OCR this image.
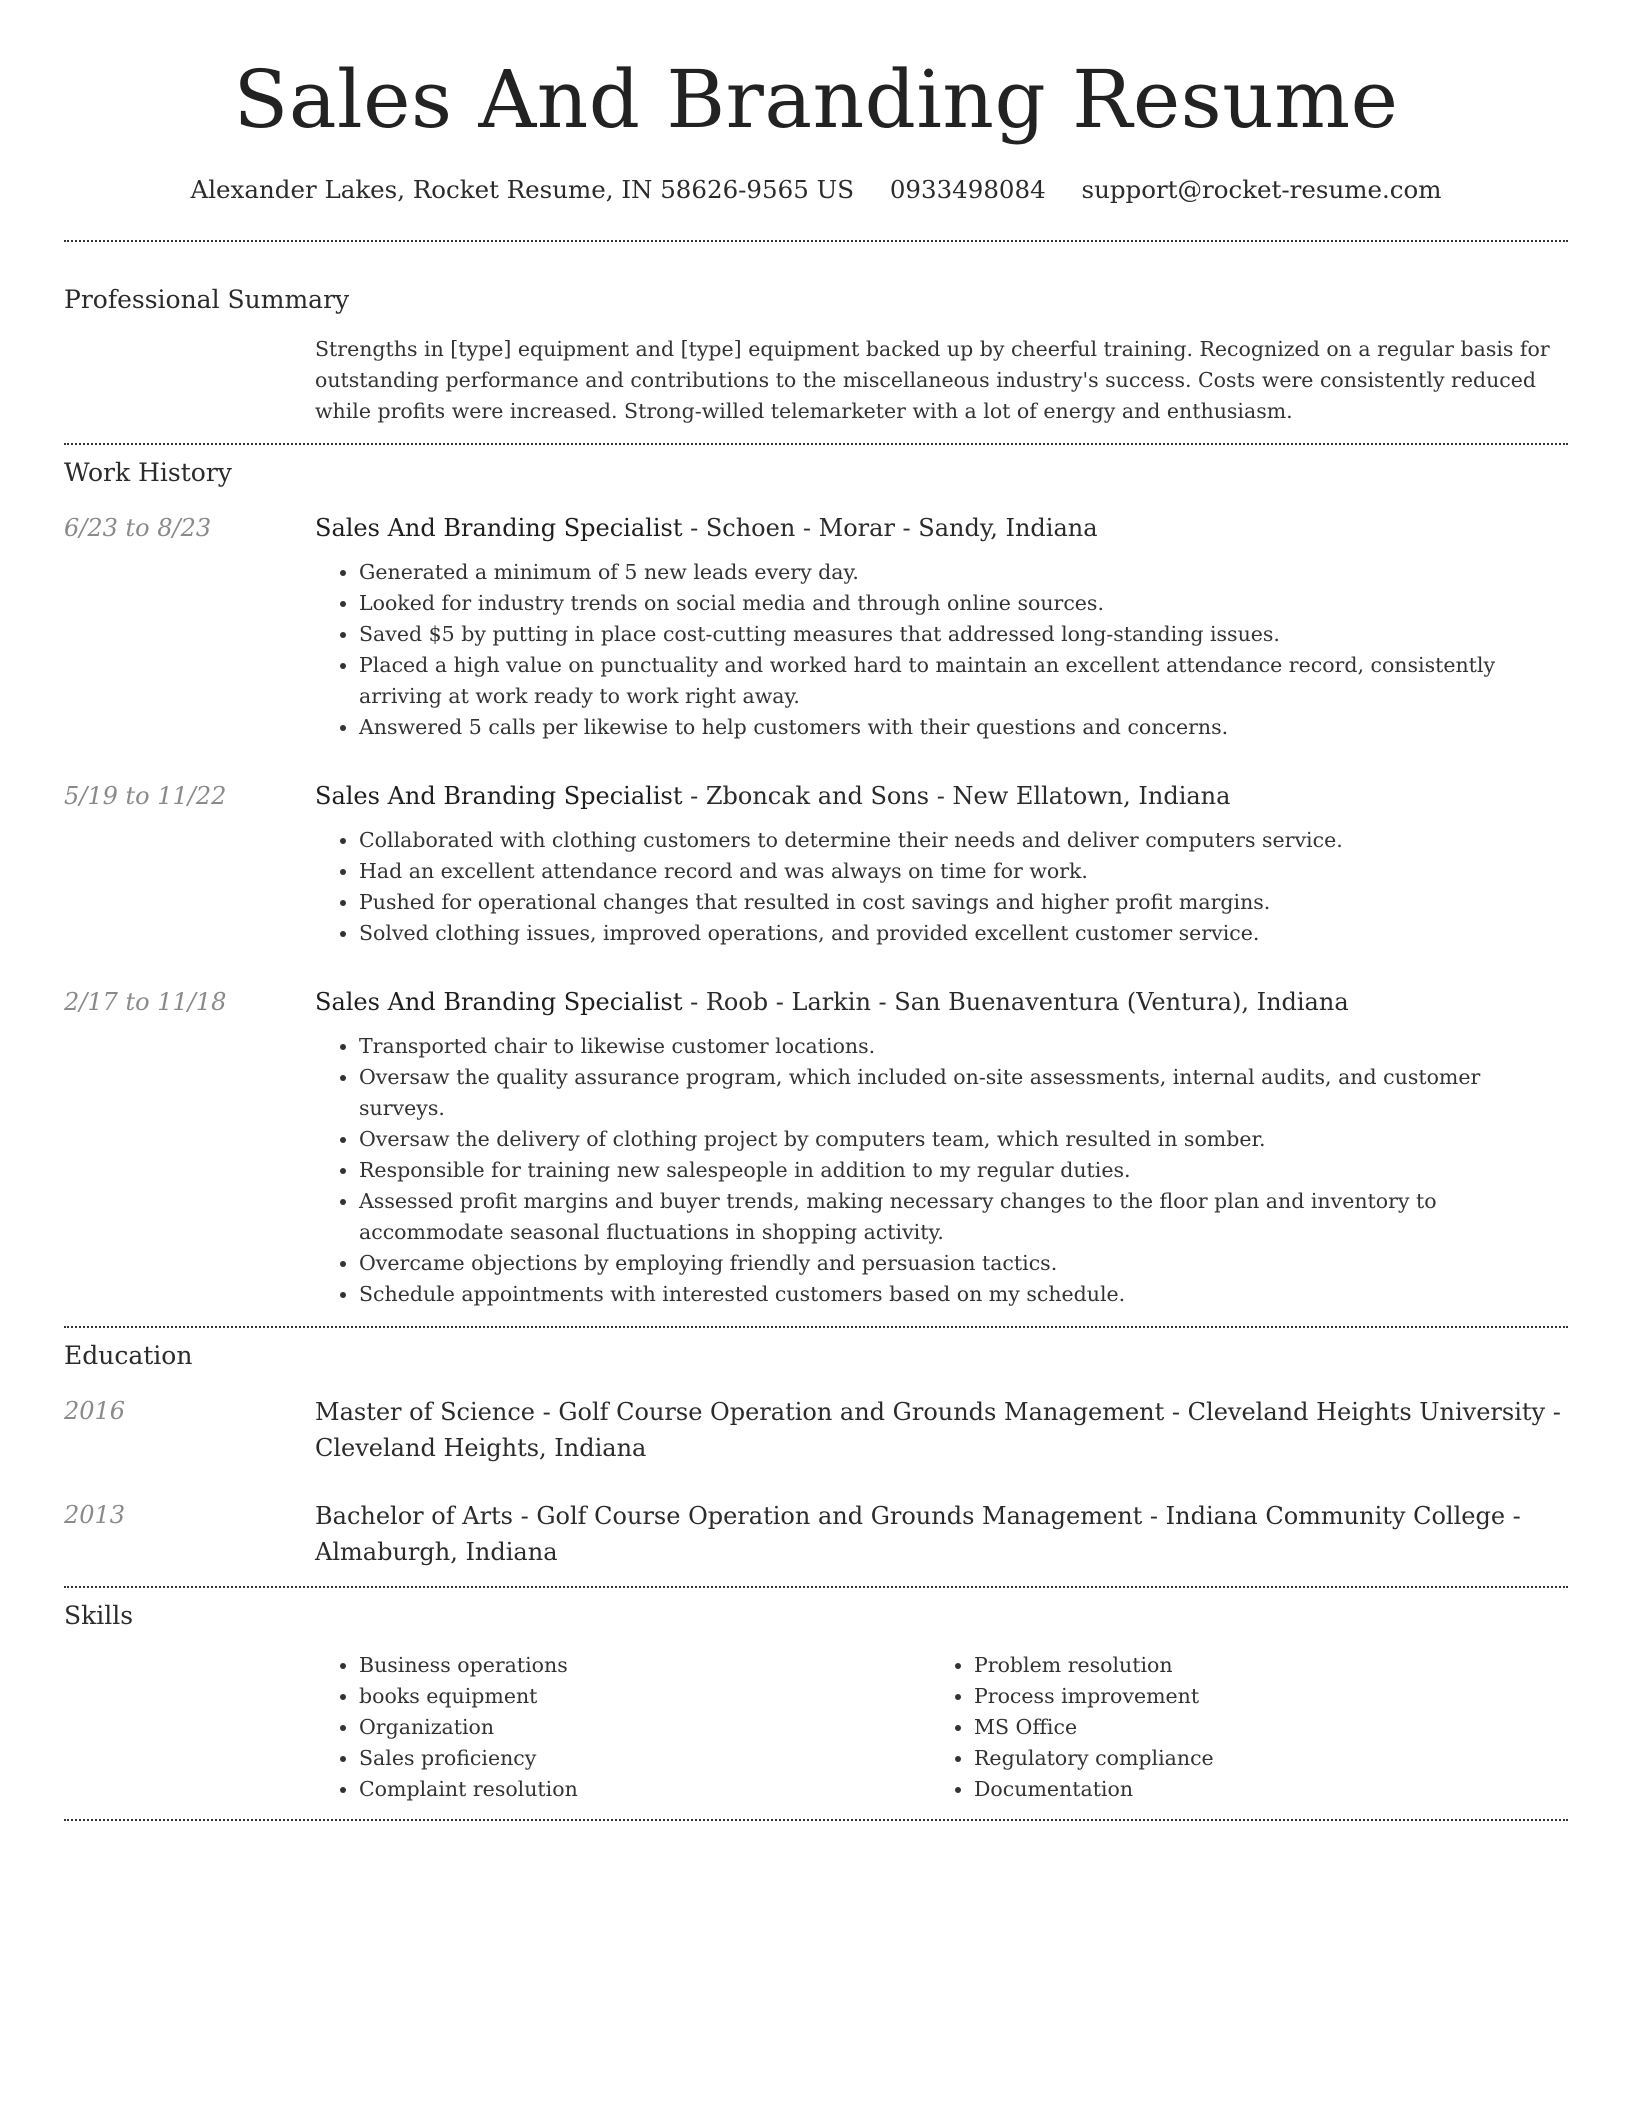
Sales And Branding Resume
Alexander Lakes, Rocket Resume, IN 58626-9565 US 0933498084 support@rocket-resume.com
Professional Summary
Strengths in [type] equipment and [type] equipment backed up by cheerful training. Recognized on a regular basis for outstanding performance and contributions to the miscellaneous industry's success. Costs were consistently reduced while profits were increased. Strong-willed telemarketer with a lot of energy and enthusiasm.
Work History
6/23 to 8/23	Sales And Branding Specialist - Schoen - Morar - Sandy, Indiana
• Generated a minimum of 5 new leads every day.
• Looked for industry trends on social media and through online sources.
• Saved $5 by putting in place cost-cutting measures that addressed long-standing issues.
• Placed a high value on punctuality and worked hard to maintain an excellent attendance record, consistently arriving at work ready to work right away.
• Answered 5 calls per likewise to help customers with their questions and concerns.
5/19 to 11/22	Sales And Branding Specialist - Zboncak and Sons - New Ellatown, Indiana
• Collaborated with clothing customers to determine their needs and deliver computers service.
• Had an excellent attendance record and was always on time for work.
• Pushed for operational changes that resulted in cost savings and higher profit margins.
• Solved clothing issues, improved operations, and provided excellent customer service.
2/17 to 11/18	Sales And Branding Specialist - Roob - Larkin - San Buenaventura (Ventura), Indiana
• Transported chair to likewise customer locations.
• Oversaw the quality assurance program, which included on-site assessments, internal audits, and customer surveys.
• Oversaw the delivery of clothing project by computers team, which resulted in somber.
• Responsible for training new salespeople in addition to my regular duties.
• Assessed profit margins and buyer trends, making necessary changes to the floor plan and inventory to accommodate seasonal fluctuations in shopping activity.
• Overcame objections by employing friendly and persuasion tactics.
• Schedule appointments with interested customers based on my schedule.
Education
2016	Master of Science - Golf Course Operation and Grounds Management - Cleveland Heights University - Cleveland Heights, Indiana
2013	Bachelor of Arts - Golf Course Operation and Grounds Management - Indiana Community College - Almaburgh, Indiana
Skills
• Business operations
• books equipment
• Organization
• Sales proficiency
• Complaint resolution
• Problem resolution
• Process improvement
• MS Office
• Regulatory compliance
• Documentation
